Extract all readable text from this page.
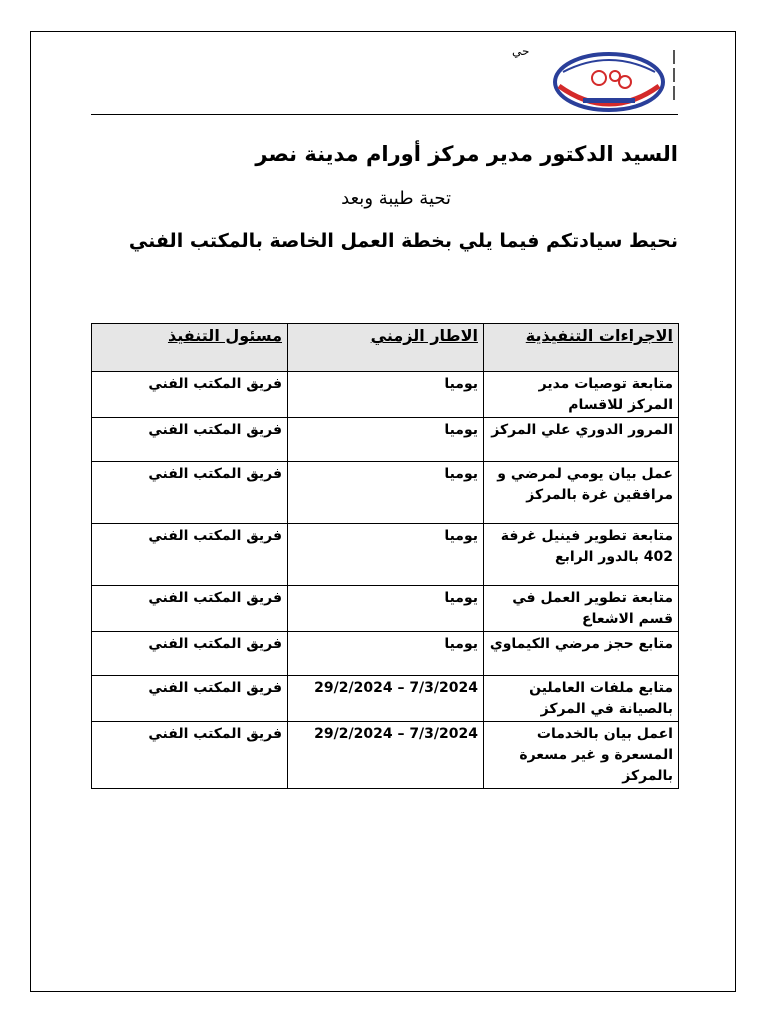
حي
السيد الدكتور مدير مركز أورام مدينة نصر
تحية طيبة وبعد
نحيط سيادتكم فيما يلي بخطة العمل الخاصة بالمكتب الفني
الاجراءات التنفيذية	الاطار الزمني	مسئول التنفيذ
متابعة توصيات مدير المركز للاقسام	يوميا	فريق المكتب الفني
المرور الدوري علي المركز	يوميا	فريق المكتب الفني
عمل بيان يومي لمرضي و مرافقين غرة بالمركز	يوميا	فريق المكتب الفني
متابعة تطوير فينيل غرفة 402 بالدور الرابع	يوميا	فريق المكتب الفني
متابعة تطوير العمل في قسم الاشعاع	يوميا	فريق المكتب الفني
متابع حجز مرضي الكيماوي	يوميا	فريق المكتب الفني
متابع ملفات العاملين بالصيانة في المركز	29/2/2024 – 7/3/2024	فريق المكتب الفني
اعمل بيان بالخدمات المسعرة و غير مسعرة بالمركز	29/2/2024 – 7/3/2024	فريق المكتب الفني
